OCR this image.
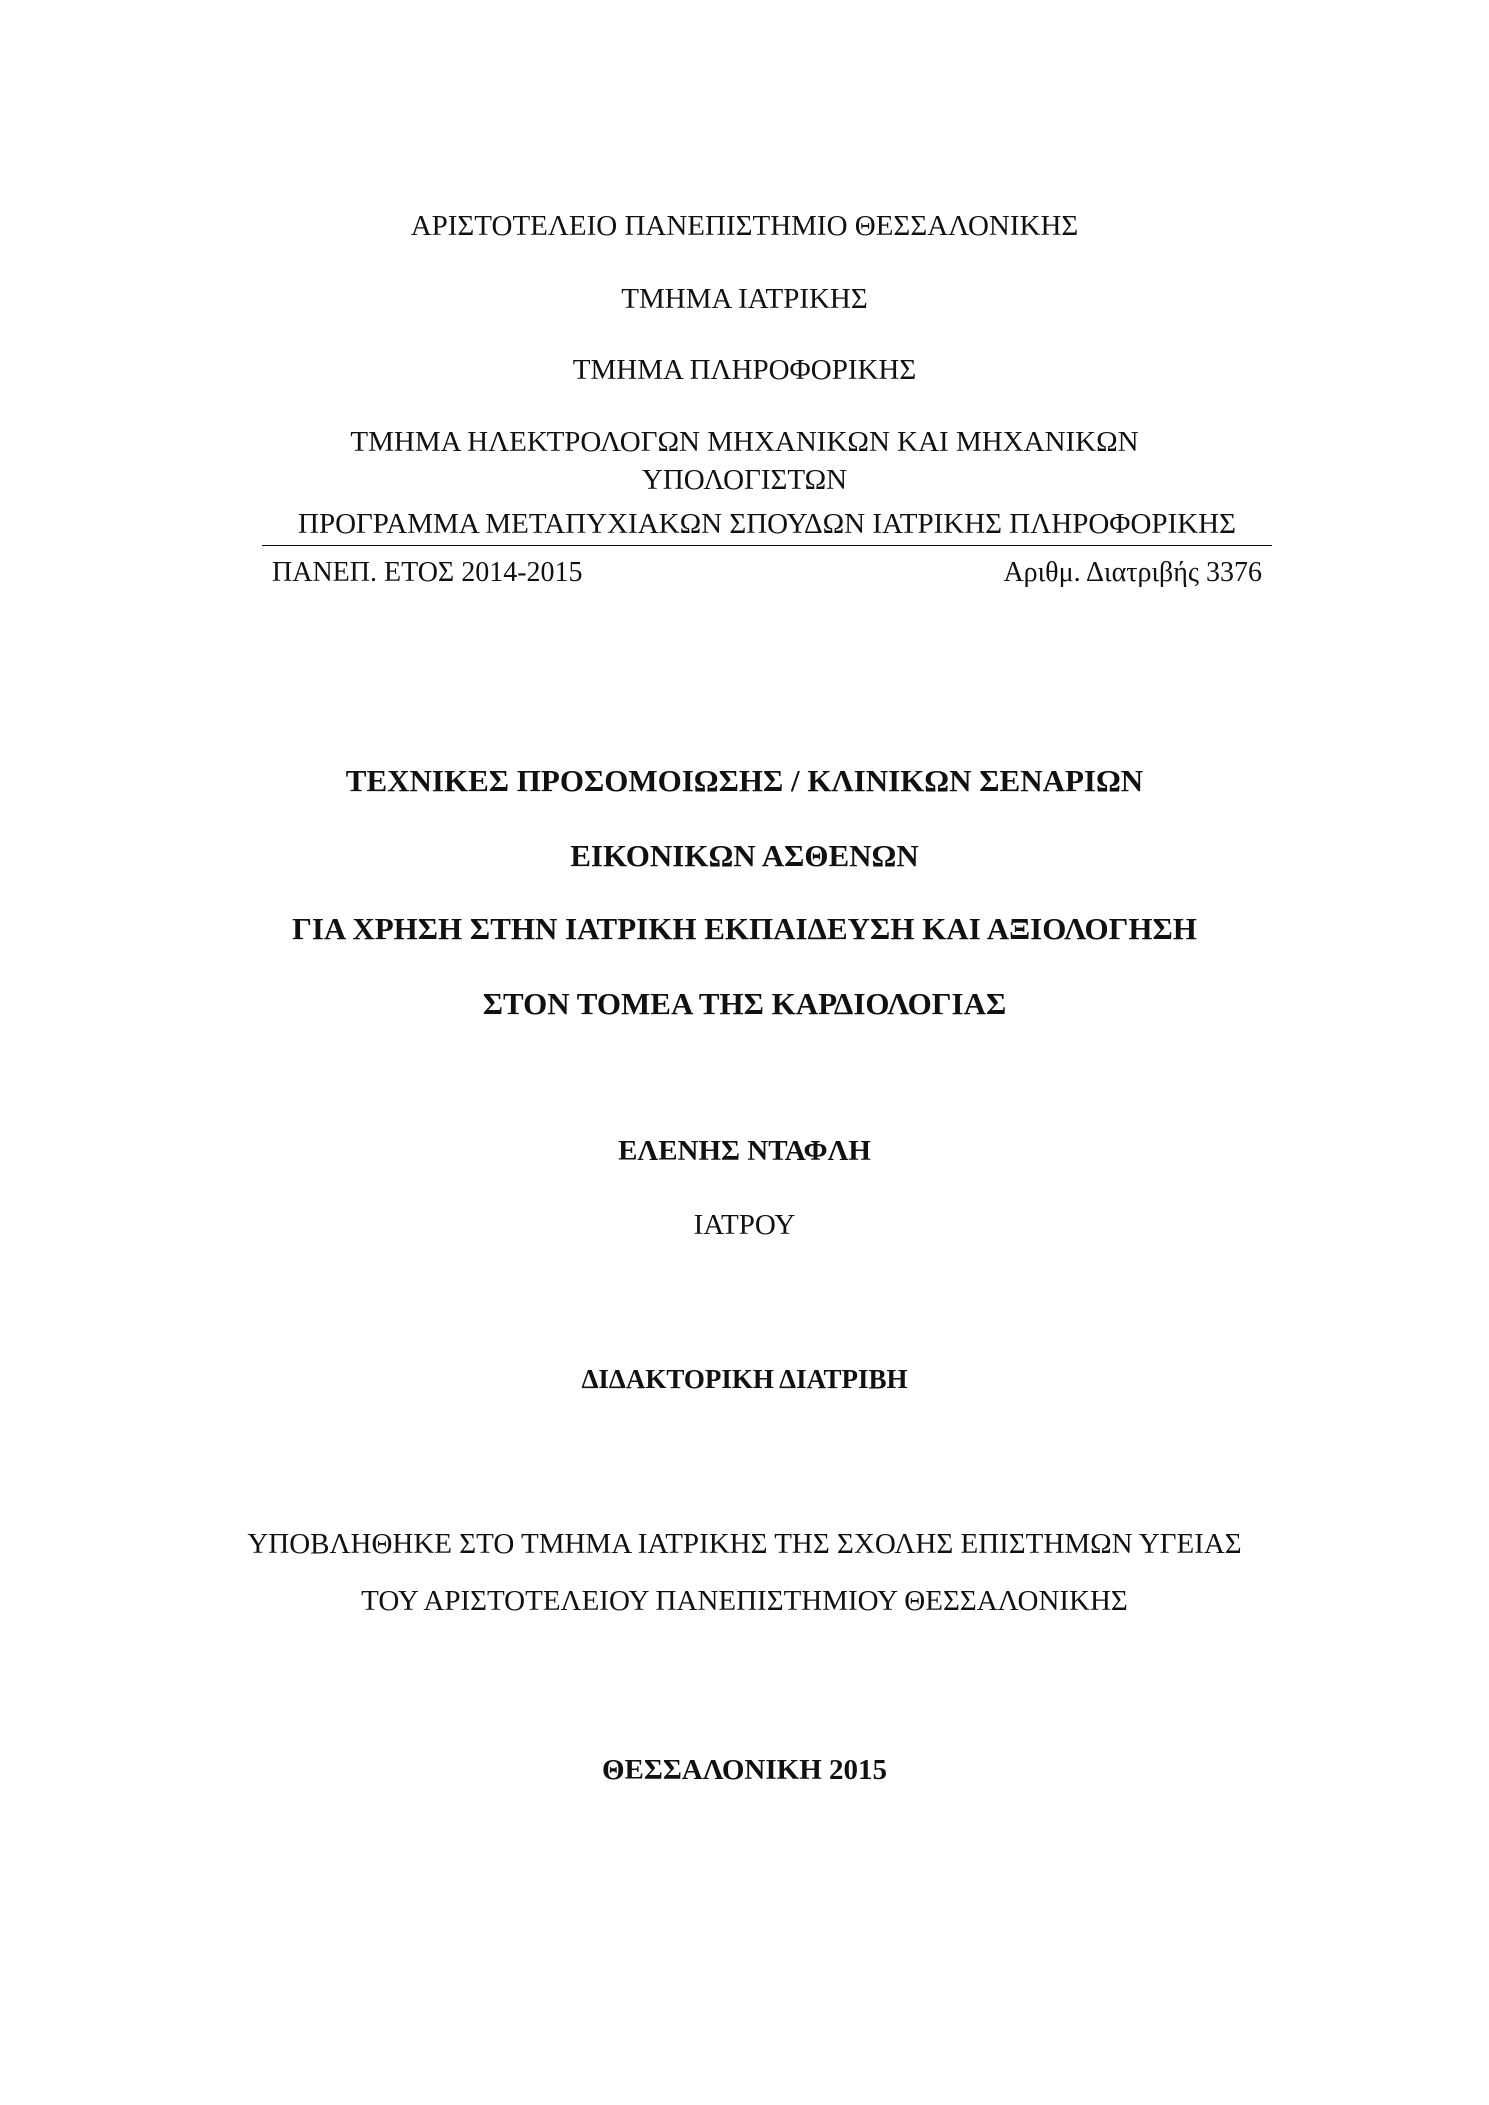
ΑΡΙΣΤΟΤΕΛΕΙΟ ΠΑΝΕΠΙΣΤΗΜΙΟ ΘΕΣΣΑΛΟΝΙΚΗΣ
ΤΜΗΜΑ ΙΑΤΡΙΚΗΣ
ΤΜΗΜΑ ΠΛΗΡΟΦΟΡΙΚΗΣ
ΤΜΗΜΑ ΗΛΕΚΤΡΟΛΟΓΩΝ ΜΗΧΑΝΙΚΩΝ ΚΑΙ ΜΗΧΑΝΙΚΩΝ
ΥΠΟΛΟΓΙΣΤΩΝ
ΠΡΟΓΡΑΜΜΑ ΜΕΤΑΠΥΧΙΑΚΩΝ ΣΠΟΥΔΩΝ ΙΑΤΡΙΚΗΣ ΠΛΗΡΟΦΟΡΙΚΗΣ
ΠΑΝΕΠ. ΕΤΟΣ 2014-2015	Αριθμ. Διατριβής 3376
ΤΕΧΝΙΚΕΣ ΠΡΟΣΟΜΟΙΩΣΗΣ / ΚΛΙΝΙΚΩΝ ΣΕΝΑΡΙΩΝ
ΕΙΚΟΝΙΚΩΝ ΑΣΘΕΝΩΝ
ΓΙΑ ΧΡΗΣΗ ΣΤΗΝ ΙΑΤΡΙΚΗ ΕΚΠΑΙΔΕΥΣΗ ΚΑΙ ΑΞΙΟΛΟΓΗΣΗ
ΣΤΟΝ ΤΟΜΕΑ ΤΗΣ ΚΑΡΔΙΟΛΟΓΙΑΣ
ΕΛΕΝΗΣ ΝΤΑΦΛΗ
ΙΑΤΡΟΥ
ΔΙΔΑΚΤΟΡΙΚΗ ΔΙΑΤΡΙΒΗ
ΥΠΟΒΛΗΘΗΚΕ ΣΤΟ ΤΜΗΜΑ ΙΑΤΡΙΚΗΣ ΤΗΣ ΣΧΟΛΗΣ ΕΠΙΣΤΗΜΩΝ ΥΓΕΙΑΣ
ΤΟΥ ΑΡΙΣΤΟΤΕΛΕΙΟΥ ΠΑΝΕΠΙΣΤΗΜΙΟΥ ΘΕΣΣΑΛΟΝΙΚΗΣ
ΘΕΣΣΑΛΟΝΙΚΗ 2015
